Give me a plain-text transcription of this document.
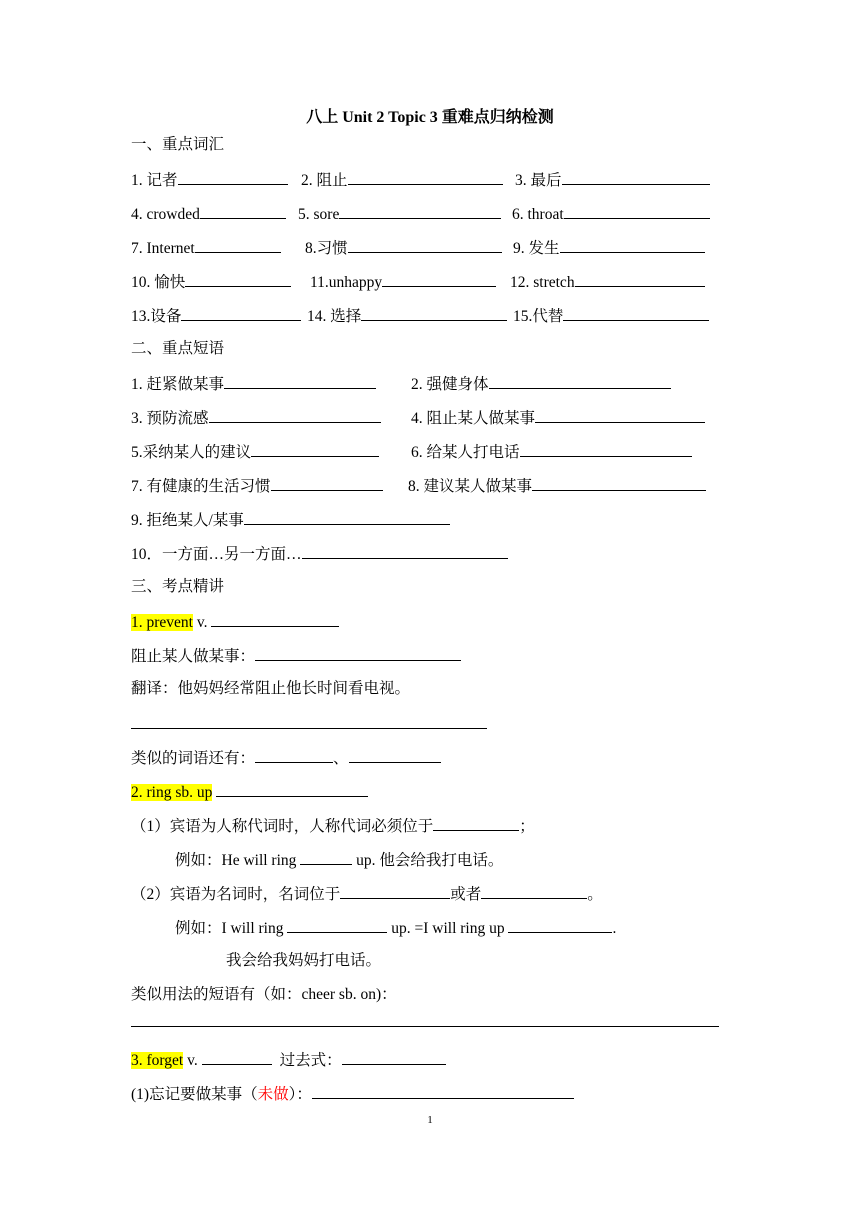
八上 Unit 2 Topic 3 重难点归纳检测
一、重点词汇
1. 记者	2. 阻止	3. 最后
4. crowded	5. sore	6. throat
7. Internet	8.习惯	9. 发生
10. 愉快	11.unhappy	12. stretch
13.设备	14. 选择	15.代替
二、重点短语
1. 赶紧做某事	2. 强健身体
3. 预防流感	4. 阻止某人做某事
5.采纳某人的建议	6. 给某人打电话
7. 有健康的生活习惯	8. 建议某人做某事
9. 拒绝某人/某事
10．一方面…另一方面…
三、考点精讲
1. prevent v.
阻止某人做某事：
翻译：他妈妈经常阻止他长时间看电视。
类似的词语还有：	、
2. ring sb. up
（1）宾语为人称代词时，人称代词必须位于	；
例如：He will ring	up. 他会给我打电话。
（2）宾语为名词时，名词位于	或者	。
例如：I will ring	up. =I will ring up	.
我会给我妈妈打电话。
类似用法的短语有（如：cheer sb. on)：
3. forget v.	过去式：
(1)忘记要做某事（未做）：
1
